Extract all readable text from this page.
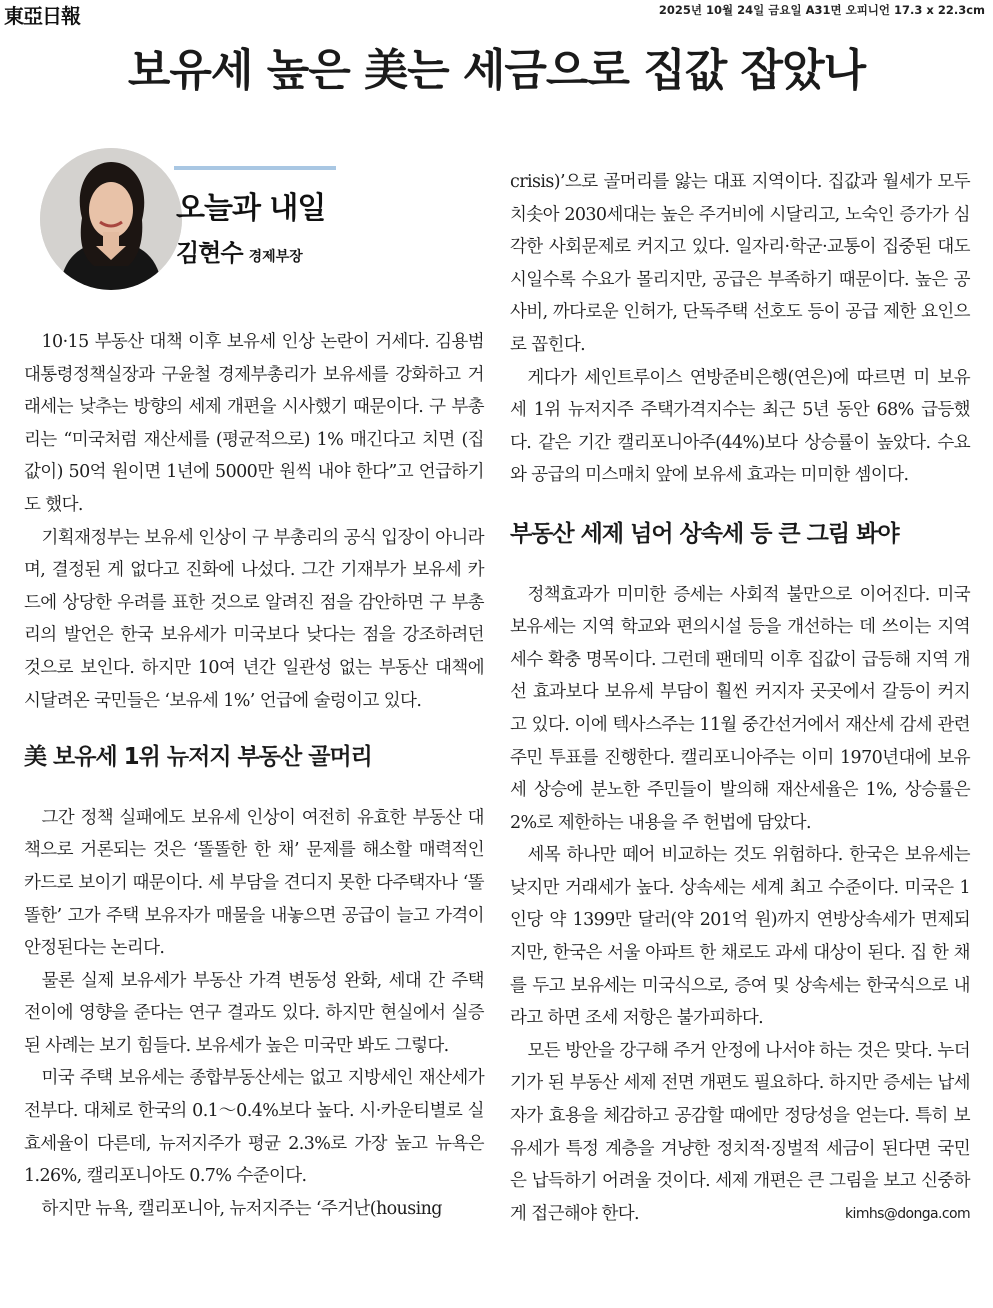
東亞日報	2025년 10월 24일 금요일 A31면 오피니언 17.3 x 22.3cm
보유세 높은 美는 세금으로 집값 잡았나
오늘과 내일
김현수 경제부장

10·15 부동산 대책 이후 보유세 인상 논란이 거세다. 김용범 대통령정책실장과 구윤철 경제부총리가 보유세를 강화하고 거래세는 낮추는 방향의 세제 개편을 시사했기 때문이다. 구 부총리는 “미국처럼 재산세를 (평균적으로) 1% 매긴다고 치면 (집값이) 50억 원이면 1년에 5000만 원씩 내야 한다”고 언급하기도 했다.

기획재정부는 보유세 인상이 구 부총리의 공식 입장이 아니라며, 결정된 게 없다고 진화에 나섰다. 그간 기재부가 보유세 카드에 상당한 우려를 표한 것으로 알려진 점을 감안하면 구 부총리의 발언은 한국 보유세가 미국보다 낮다는 점을 강조하려던 것으로 보인다. 하지만 10여 년간 일관성 없는 부동산 대책에 시달려온 국민들은 ‘보유세 1%’ 언급에 술렁이고 있다.

美 보유세 1위 뉴저지 부동산 골머리

그간 정책 실패에도 보유세 인상이 여전히 유효한 부동산 대책으로 거론되는 것은 ‘똘똘한 한 채’ 문제를 해소할 매력적인 카드로 보이기 때문이다. 세 부담을 견디지 못한 다주택자나 ‘똘똘한’ 고가 주택 보유자가 매물을 내놓으면 공급이 늘고 가격이 안정된다는 논리다.

물론 실제 보유세가 부동산 가격 변동성 완화, 세대 간 주택 전이에 영향을 준다는 연구 결과도 있다. 하지만 현실에서 실증된 사례는 보기 힘들다. 보유세가 높은 미국만 봐도 그렇다.

미국 주택 보유세는 종합부동산세는 없고 지방세인 재산세가 전부다. 대체로 한국의 0.1～0.4%보다 높다. 시·카운티별로 실효세율이 다른데, 뉴저지주가 평균 2.3%로 가장 높고 뉴욕은 1.26%, 캘리포니아도 0.7% 수준이다.

하지만 뉴욕, 캘리포니아, 뉴저지주는 ‘주거난(housing

crisis)’으로 골머리를 앓는 대표 지역이다. 집값과 월세가 모두 치솟아 2030세대는 높은 주거비에 시달리고, 노숙인 증가가 심각한 사회문제로 커지고 있다. 일자리·학군·교통이 집중된 대도시일수록 수요가 몰리지만, 공급은 부족하기 때문이다. 높은 공사비, 까다로운 인허가, 단독주택 선호도 등이 공급 제한 요인으로 꼽힌다.

게다가 세인트루이스 연방준비은행(연은)에 따르면 미 보유세 1위 뉴저지주 주택가격지수는 최근 5년 동안 68% 급등했다. 같은 기간 캘리포니아주(44%)보다 상승률이 높았다. 수요와 공급의 미스매치 앞에 보유세 효과는 미미한 셈이다.

부동산 세제 넘어 상속세 등 큰 그림 봐야

정책효과가 미미한 증세는 사회적 불만으로 이어진다. 미국 보유세는 지역 학교와 편의시설 등을 개선하는 데 쓰이는 지역 세수 확충 명목이다. 그런데 팬데믹 이후 집값이 급등해 지역 개선 효과보다 보유세 부담이 훨씬 커지자 곳곳에서 갈등이 커지고 있다. 이에 텍사스주는 11월 중간선거에서 재산세 감세 관련 주민 투표를 진행한다. 캘리포니아주는 이미 1970년대에 보유세 상승에 분노한 주민들이 발의해 재산세율은 1%, 상승률은 2%로 제한하는 내용을 주 헌법에 담았다.

세목 하나만 떼어 비교하는 것도 위험하다. 한국은 보유세는 낮지만 거래세가 높다. 상속세는 세계 최고 수준이다. 미국은 1인당 약 1399만 달러(약 201억 원)까지 연방상속세가 면제되지만, 한국은 서울 아파트 한 채로도 과세 대상이 된다. 집 한 채를 두고 보유세는 미국식으로, 증여 및 상속세는 한국식으로 내라고 하면 조세 저항은 불가피하다.

모든 방안을 강구해 주거 안정에 나서야 하는 것은 맞다. 누더기가 된 부동산 세제 전면 개편도 필요하다. 하지만 증세는 납세자가 효용을 체감하고 공감할 때에만 정당성을 얻는다. 특히 보유세가 특정 계층을 겨냥한 정치적·징벌적 세금이 된다면 국민은 납득하기 어려울 것이다. 세제 개편은 큰 그림을 보고 신중하게 접근해야 한다.	kimhs@donga.com
